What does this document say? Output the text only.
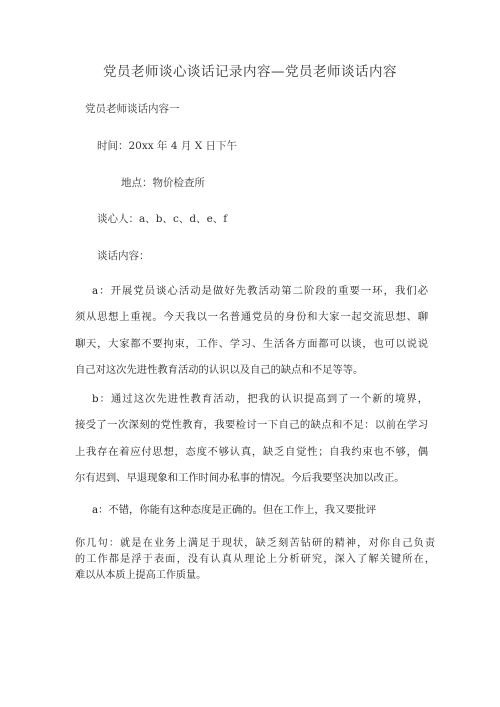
党员老师谈心谈话记录内容—党员老师谈话内容
党员老师谈话内容一
时间：20xx 年 4 月 X 日下午
地点：物价检查所
谈心人：a、b、c、d、e、f
谈话内容：
a：开展党员谈心活动是做好先教活动第二阶段的重要一环，我们必
须从思想上重视。今天我以一名普通党员的身份和大家一起交流思想、聊
聊天，大家都不要拘束，工作、学习、生活各方面都可以谈，也可以说说
自己对这次先进性教育活动的认识以及自己的缺点和不足等等。
b：通过这次先进性教育活动，把我的认识提高到了一个新的境界，
接受了一次深刻的党性教育，我要检讨一下自己的缺点和不足：以前在学习
上我存在着应付思想，态度不够认真，缺乏自觉性；自我约束也不够，偶
尔有迟到、早退现象和工作时间办私事的情况。今后我要坚决加以改正。
a：不错，你能有这种态度是正确的。但在工作上，我又要批评
你几句：就是在业务上满足于现状，缺乏刻苦钻研的精神，对你自己负责
的工作都是浮于表面，没有认真从理论上分析研究，深入了解关键所在，
难以从本质上提高工作质量。
